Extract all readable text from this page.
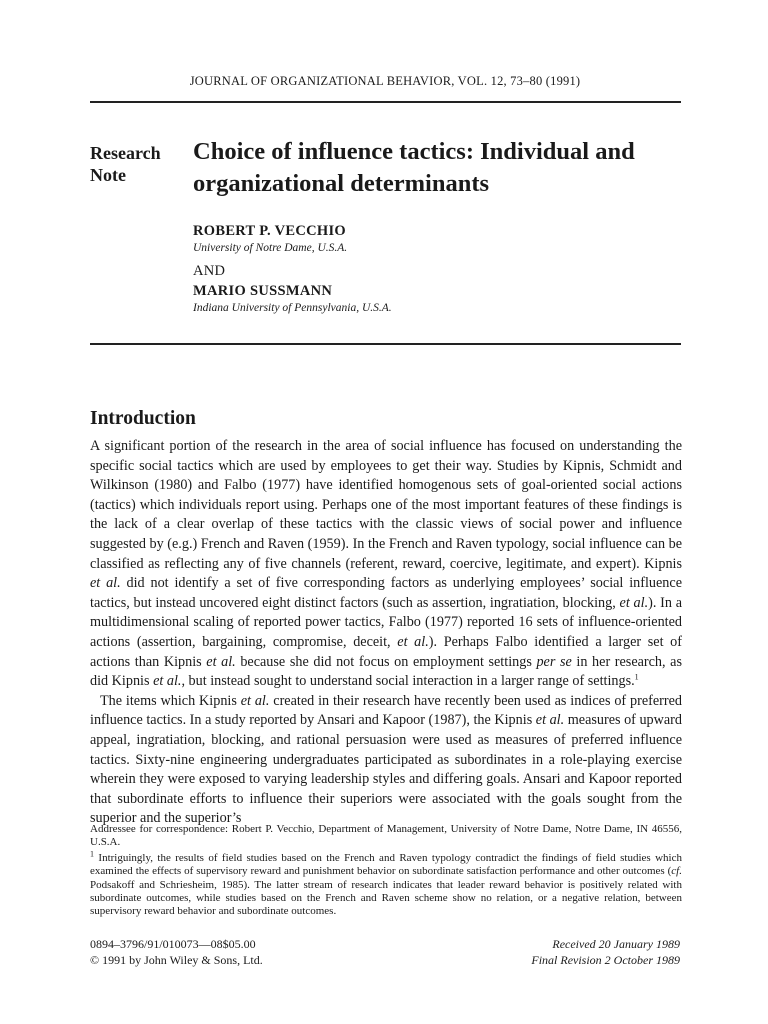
JOURNAL OF ORGANIZATIONAL BEHAVIOR, VOL. 12, 73–80 (1991)
Research Note
Choice of influence tactics: Individual and organizational determinants
ROBERT P. VECCHIO
University of Notre Dame, U.S.A.
AND
MARIO SUSSMANN
Indiana University of Pennsylvania, U.S.A.
Introduction

A significant portion of the research in the area of social influence has focused on understanding the specific social tactics which are used by employees to get their way. Studies by Kipnis, Schmidt and Wilkinson (1980) and Falbo (1977) have identified homogenous sets of goal-oriented social actions (tactics) which individuals report using. Perhaps one of the most important features of these findings is the lack of a clear overlap of these tactics with the classic views of social power and influence suggested by (e.g.) French and Raven (1959). In the French and Raven typology, social influence can be classified as reflecting any of five channels (referent, reward, coercive, legitimate, and expert). Kipnis et al. did not identify a set of five corresponding factors as underlying employees’ social influence tactics, but instead uncovered eight distinct factors (such as assertion, ingratiation, blocking, et al.). In a multidimensional scaling of reported power tactics, Falbo (1977) reported 16 sets of influence-oriented actions (assertion, bargaining, compromise, deceit, et al.). Perhaps Falbo identified a larger set of actions than Kipnis et al. because she did not focus on employment settings per se in her research, as did Kipnis et al., but instead sought to understand social interaction in a larger range of settings.$^1$

The items which Kipnis et al. created in their research have recently been used as indices of preferred influence tactics. In a study reported by Ansari and Kapoor (1987), the Kipnis et al. measures of upward appeal, ingratiation, blocking, and rational persuasion were used as measures of preferred influence tactics. Sixty-nine engineering undergraduates participated as subordinates in a role-playing exercise wherein they were exposed to varying leadership styles and differing goals. Ansari and Kapoor reported that subordinate efforts to influence their superiors were associated with the goals sought from the superior and the superior’s

Addressee for correspondence: Robert P. Vecchio, Department of Management, University of Notre Dame, Notre Dame, IN 46556, U.S.A.

$^1$ Intriguingly, the results of field studies based on the French and Raven typology contradict the findings of field studies which examined the effects of supervisory reward and punishment behavior on subordinate satisfaction performance and other outcomes (cf. Podsakoff and Schriesheim, 1985). The latter stream of research indicates that leader reward behavior is positively related with subordinate outcomes, while studies based on the French and Raven scheme show no relation, or a negative relation, between supervisory reward behavior and subordinate outcomes.

0894–3796/91/010073—08$05.00
© 1991 by John Wiley & Sons, Ltd.
Received 20 January 1989
Final Revision 2 October 1989
